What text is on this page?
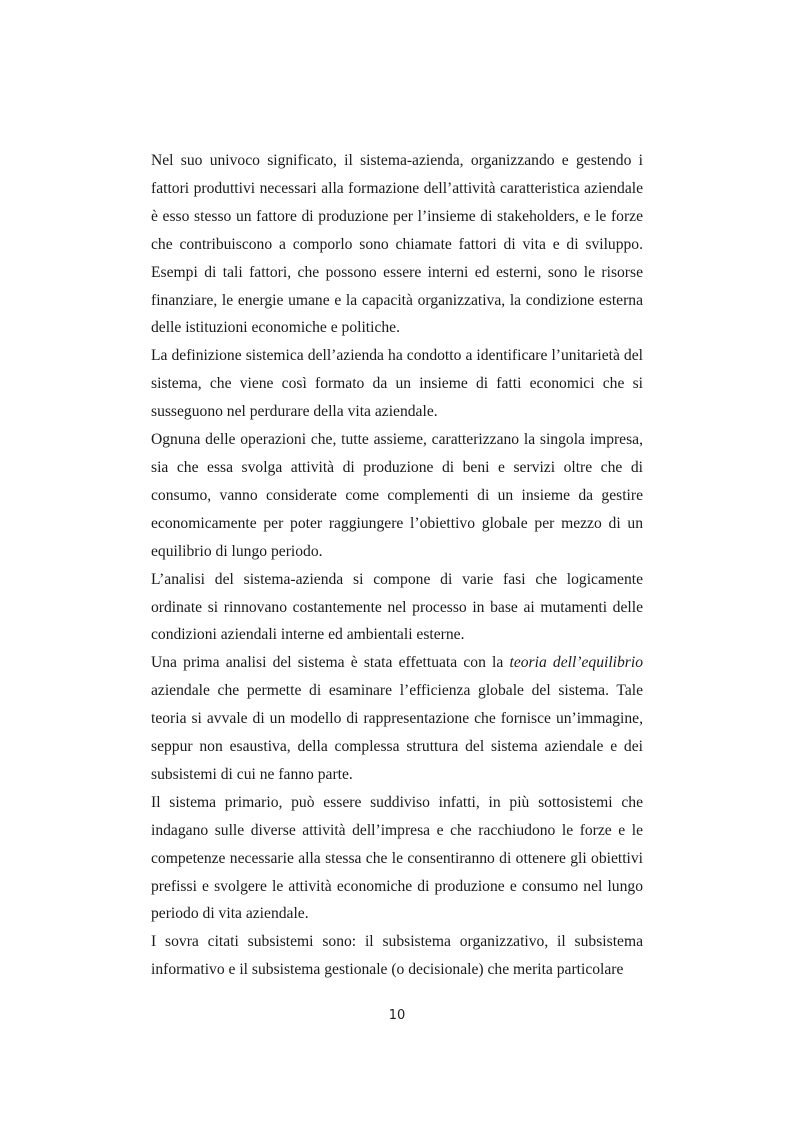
Nel suo univoco significato, il sistema-azienda, organizzando e gestendo i fattori produttivi necessari alla formazione dell’attività caratteristica aziendale è esso stesso un fattore di produzione per l’insieme di stakeholders, e le forze che contribuiscono a comporlo sono chiamate fattori di vita e di sviluppo. Esempi di tali fattori, che possono essere interni ed esterni, sono le risorse finanziare, le energie umane e la capacità organizzativa, la condizione esterna delle istituzioni economiche e politiche.

La definizione sistemica dell’azienda ha condotto a identificare l’unitarietà del sistema, che viene così formato da un insieme di fatti economici che si susseguono nel perdurare della vita aziendale.

Ognuna delle operazioni che, tutte assieme, caratterizzano la singola impresa, sia che essa svolga attività di produzione di beni e servizi oltre che di consumo, vanno considerate come complementi di un insieme da gestire economicamente per poter raggiungere l’obiettivo globale per mezzo di un equilibrio di lungo periodo.

L’analisi del sistema-azienda si compone di varie fasi che logicamente ordinate si rinnovano costantemente nel processo in base ai mutamenti delle condizioni aziendali interne ed ambientali esterne.

Una prima analisi del sistema è stata effettuata con la teoria dell’equilibrio aziendale che permette di esaminare l’efficienza globale del sistema. Tale teoria si avvale di un modello di rappresentazione che fornisce un’immagine, seppur non esaustiva, della complessa struttura del sistema aziendale e dei subsistemi di cui ne fanno parte.

Il sistema primario, può essere suddiviso infatti, in più sottosistemi che indagano sulle diverse attività dell’impresa e che racchiudono le forze e le competenze necessarie alla stessa che le consentiranno di ottenere gli obiettivi prefissi e svolgere le attività economiche di produzione e consumo nel lungo periodo di vita aziendale.

I sovra citati subsistemi sono: il subsistema organizzativo, il subsistema informativo e il subsistema gestionale (o decisionale) che merita particolare

10
